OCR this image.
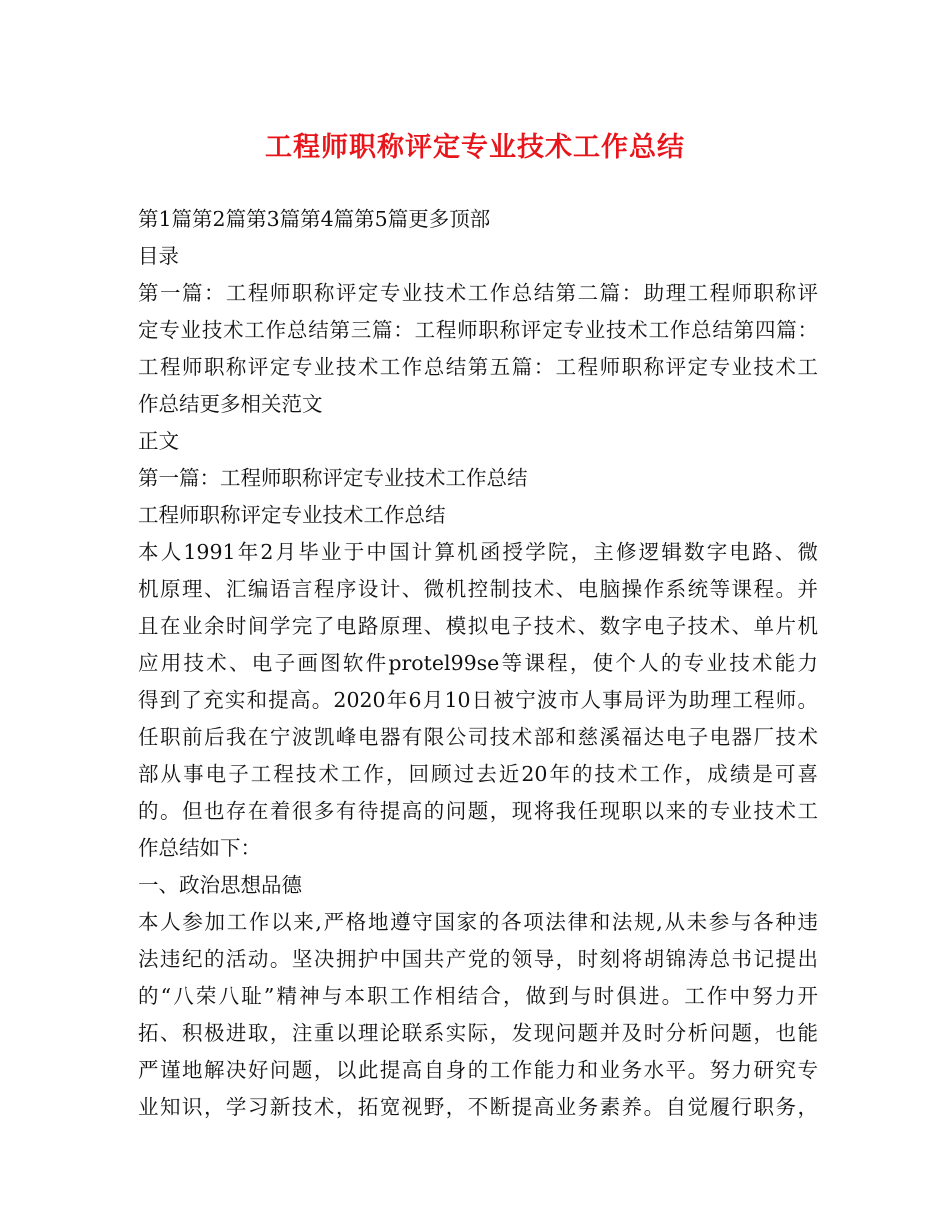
工程师职称评定专业技术工作总结
第1篇第2篇第3篇第4篇第5篇更多顶部
目录
第一篇：工程师职称评定专业技术工作总结第二篇：助理工程师职称评
定专业技术工作总结第三篇：工程师职称评定专业技术工作总结第四篇：
工程师职称评定专业技术工作总结第五篇：工程师职称评定专业技术工
作总结更多相关范文
正文
第一篇：工程师职称评定专业技术工作总结
工程师职称评定专业技术工作总结
本人1991年2月毕业于中国计算机函授学院，主修逻辑数字电路、微
机原理、汇编语言程序设计、微机控制技术、电脑操作系统等课程。并
且在业余时间学完了电路原理、模拟电子技术、数字电子技术、单片机
应用技术、电子画图软件protel99se等课程，使个人的专业技术能力
得到了充实和提高。2020年6月10日被宁波市人事局评为助理工程师。
任职前后我在宁波凯峰电器有限公司技术部和慈溪福达电子电器厂技术
部从事电子工程技术工作，回顾过去近20年的技术工作，成绩是可喜
的。但也存在着很多有待提高的问题，现将我任现职以来的专业技术工
作总结如下：
一、政治思想品德
本人参加工作以来,严格地遵守国家的各项法律和法规,从未参与各种违
法违纪的活动。坚决拥护中国共产党的领导，时刻将胡锦涛总书记提出
的“八荣八耻”精神与本职工作相结合，做到与时俱进。工作中努力开
拓、积极进取，注重以理论联系实际，发现问题并及时分析问题，也能
严谨地解决好问题，以此提高自身的工作能力和业务水平。努力研究专
业知识，学习新技术，拓宽视野，不断提高业务素养。自觉履行职务，
